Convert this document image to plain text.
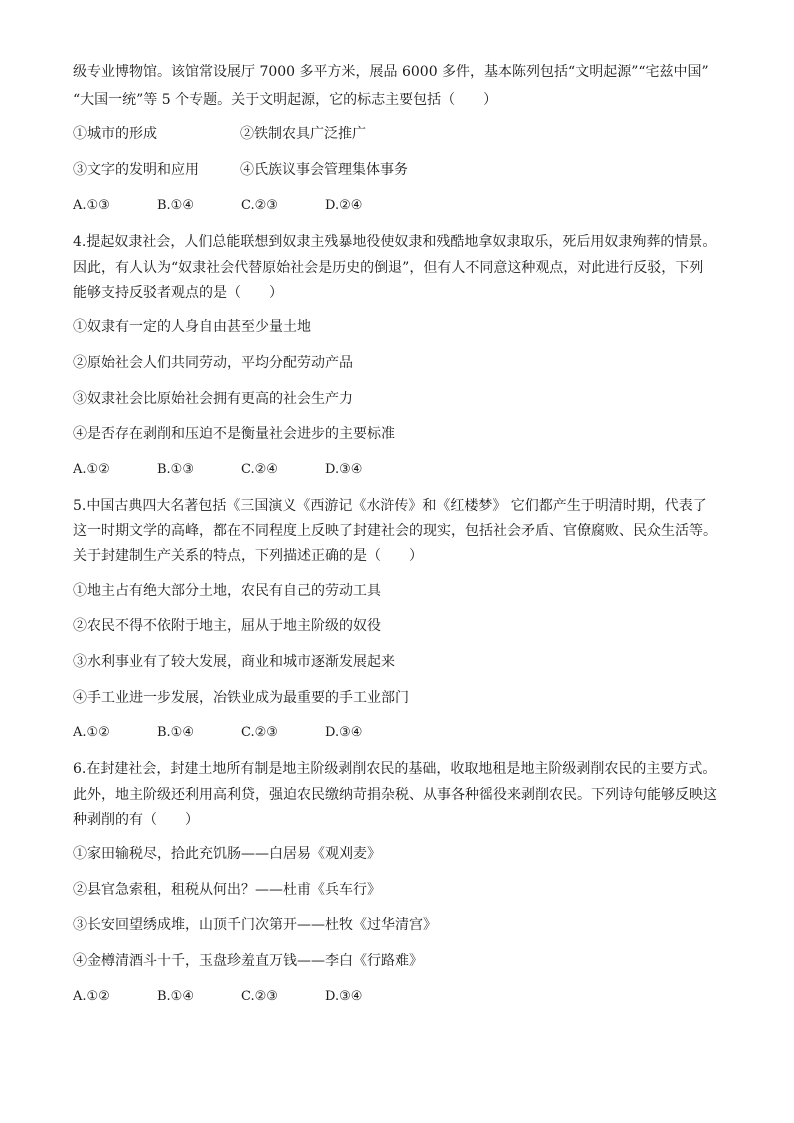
级专业博物馆。该馆常设展厅 7000 多平方米，展品 6000 多件，基本陈列包括“文明起源”“宅兹中国”
“大国一统”等 5 个专题。关于文明起源，它的标志主要包括（　　）
①城市的形成	②铁制农具广泛推广
③文字的发明和应用	④氏族议事会管理集体事务
A.①③	B.①④	C.②③	D.②④
4.提起奴隶社会，人们总能联想到奴隶主残暴地役使奴隶和残酷地拿奴隶取乐，死后用奴隶殉葬的情景。
因此，有人认为“奴隶社会代替原始社会是历史的倒退”，但有人不同意这种观点，对此进行反驳，下列
能够支持反驳者观点的是（　　）
①奴隶有一定的人身自由甚至少量土地
②原始社会人们共同劳动，平均分配劳动产品
③奴隶社会比原始社会拥有更高的社会生产力
④是否存在剥削和压迫不是衡量社会进步的主要标准
A.①②	B.①③	C.②④	D.③④
5.中国古典四大名著包括《三国演义《西游记《水浒传》和《红楼梦》 它们都产生于明清时期，代表了
这一时期文学的高峰，都在不同程度上反映了封建社会的现实，包括社会矛盾、官僚腐败、民众生活等。
关于封建制生产关系的特点，下列描述正确的是（　　）
①地主占有绝大部分土地，农民有自己的劳动工具
②农民不得不依附于地主，屈从于地主阶级的奴役
③水利事业有了较大发展，商业和城市逐渐发展起来
④手工业进一步发展，冶铁业成为最重要的手工业部门
A.①②	B.①④	C.②③	D.③④
6.在封建社会，封建土地所有制是地主阶级剥削农民的基础，收取地租是地主阶级剥削农民的主要方式。
此外，地主阶级还利用高利贷，强迫农民缴纳苛捐杂税、从事各种徭役来剥削农民。下列诗句能够反映这
种剥削的有（　　）
①家田输税尽，拾此充饥肠——白居易《观刈麦》
②县官急索租，租税从何出？——杜甫《兵车行》
③长安回望绣成堆，山顶千门次第开——杜牧《过华清宫》
④金樽清酒斗十千，玉盘珍羞直万钱——李白《行路难》
A.①②	B.①④	C.②③	D.③④
